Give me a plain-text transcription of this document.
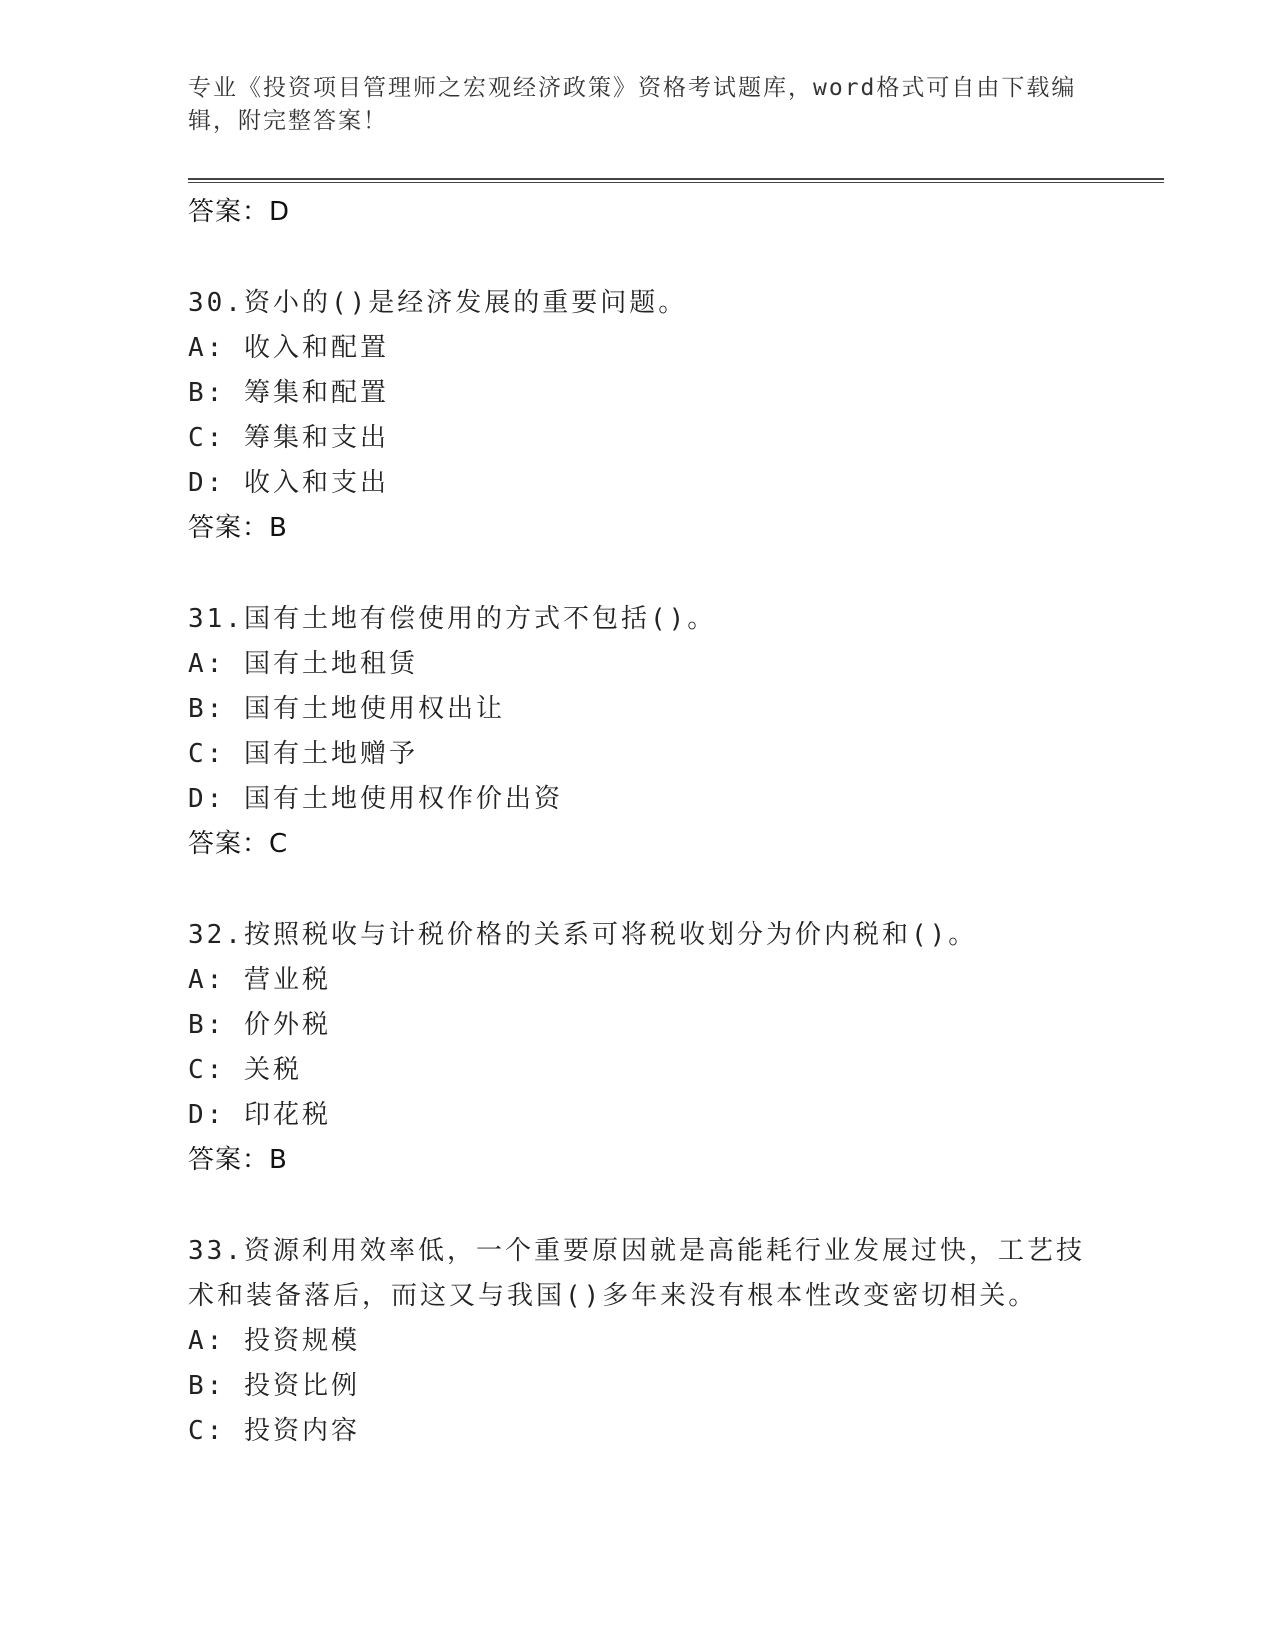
专业《投资项目管理师之宏观经济政策》资格考试题库，word格式可自由下载编辑，附完整答案！
答案：D
30.资小的()是经济发展的重要问题。
A: 收入和配置
B: 筹集和配置
C: 筹集和支出
D: 收入和支出
答案：B
31.国有土地有偿使用的方式不包括()。
A: 国有土地租赁
B: 国有土地使用权出让
C: 国有土地赠予
D: 国有土地使用权作价出资
答案：C
32.按照税收与计税价格的关系可将税收划分为价内税和()。
A: 营业税
B: 价外税
C: 关税
D: 印花税
答案：B
33.资源利用效率低，一个重要原因就是高能耗行业发展过快，工艺技术和装备落后，而这又与我国()多年来没有根本性改变密切相关。
A: 投资规模
B: 投资比例
C: 投资内容
